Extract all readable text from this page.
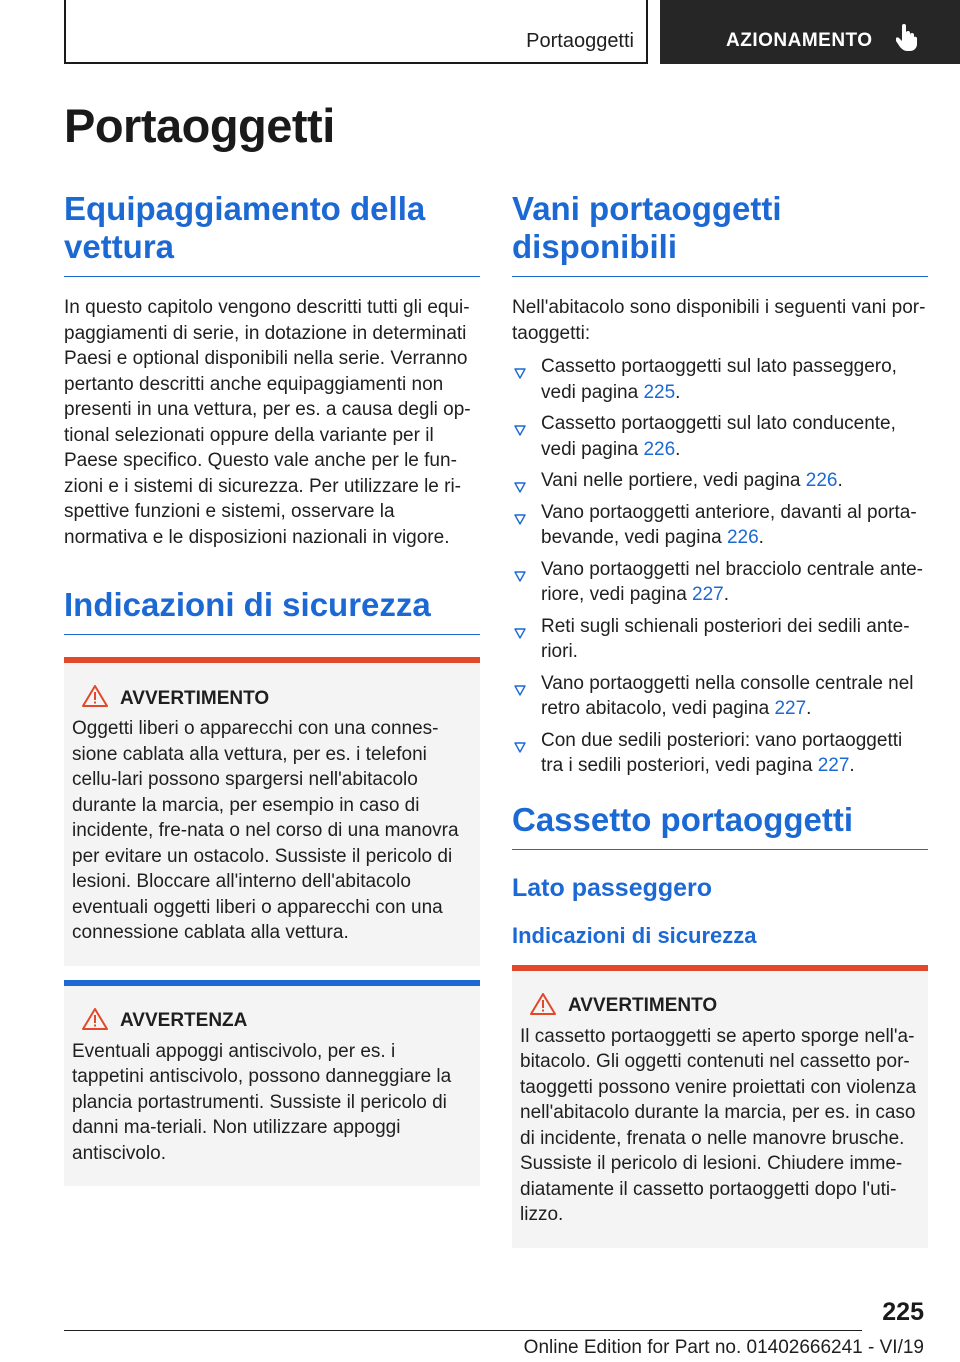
Portaoggetti	AZIONAMENTO
Portaoggetti
Equipaggiamento della vettura

In questo capitolo vengono descritti tutti gli equi-paggiamenti di serie, in dotazione in determinati Paesi e optional disponibili nella serie. Verranno pertanto descritti anche equipaggiamenti non presenti in una vettura, per es. a causa degli op-tional selezionati oppure della variante per il Paese specifico. Questo vale anche per le fun-zioni e i sistemi di sicurezza. Per utilizzare le ri-spettive funzioni e sistemi, osservare la normativa e le disposizioni nazionali in vigore.

Indicazioni di sicurezza
AVVERTIMENTO

Oggetti liberi o apparecchi con una connes-sione cablata alla vettura, per es. i telefoni cellu-lari possono spargersi nell'abitacolo durante la marcia, per esempio in caso di incidente, fre-nata o nel corso di una manovra per evitare un ostacolo. Sussiste il pericolo di lesioni. Bloccare all'interno dell'abitacolo eventuali oggetti liberi o apparecchi con una connessione cablata alla vettura.

AVVERTENZA

Eventuali appoggi antiscivolo, per es. i tappetini antiscivolo, possono danneggiare la plancia portastrumenti. Sussiste il pericolo di danni ma-teriali. Non utilizzare appoggi antiscivolo.

Vani portaoggetti disponibili

Nell'abitacolo sono disponibili i seguenti vani por-taoggetti:

Cassetto portaoggetti sul lato passeggero, vedi pagina 225.
Cassetto portaoggetti sul lato conducente, vedi pagina 226.
Vani nelle portiere, vedi pagina 226.
Vano portaoggetti anteriore, davanti al porta-bevande, vedi pagina 226.
Vano portaoggetti nel bracciolo centrale ante-riore, vedi pagina 227.
Reti sugli schienali posteriori dei sedili ante-riori.
Vano portaoggetti nella consolle centrale nel retro abitacolo, vedi pagina 227.
Con due sedili posteriori: vano portaoggetti tra i sedili posteriori, vedi pagina 227.
Cassetto portaoggetti
Lato passeggero
Indicazioni di sicurezza
AVVERTIMENTO

Il cassetto portaoggetti se aperto sporge nell'a-bitacolo. Gli oggetti contenuti nel cassetto por-taoggetti possono venire proiettati con violenza nell'abitacolo durante la marcia, per es. in caso di incidente, frenata o nelle manovre brusche. Sussiste il pericolo di lesioni. Chiudere imme-diatamente il cassetto portaoggetti dopo l'uti-lizzo.

225
Online Edition for Part no. 01402666241 - VI/19
